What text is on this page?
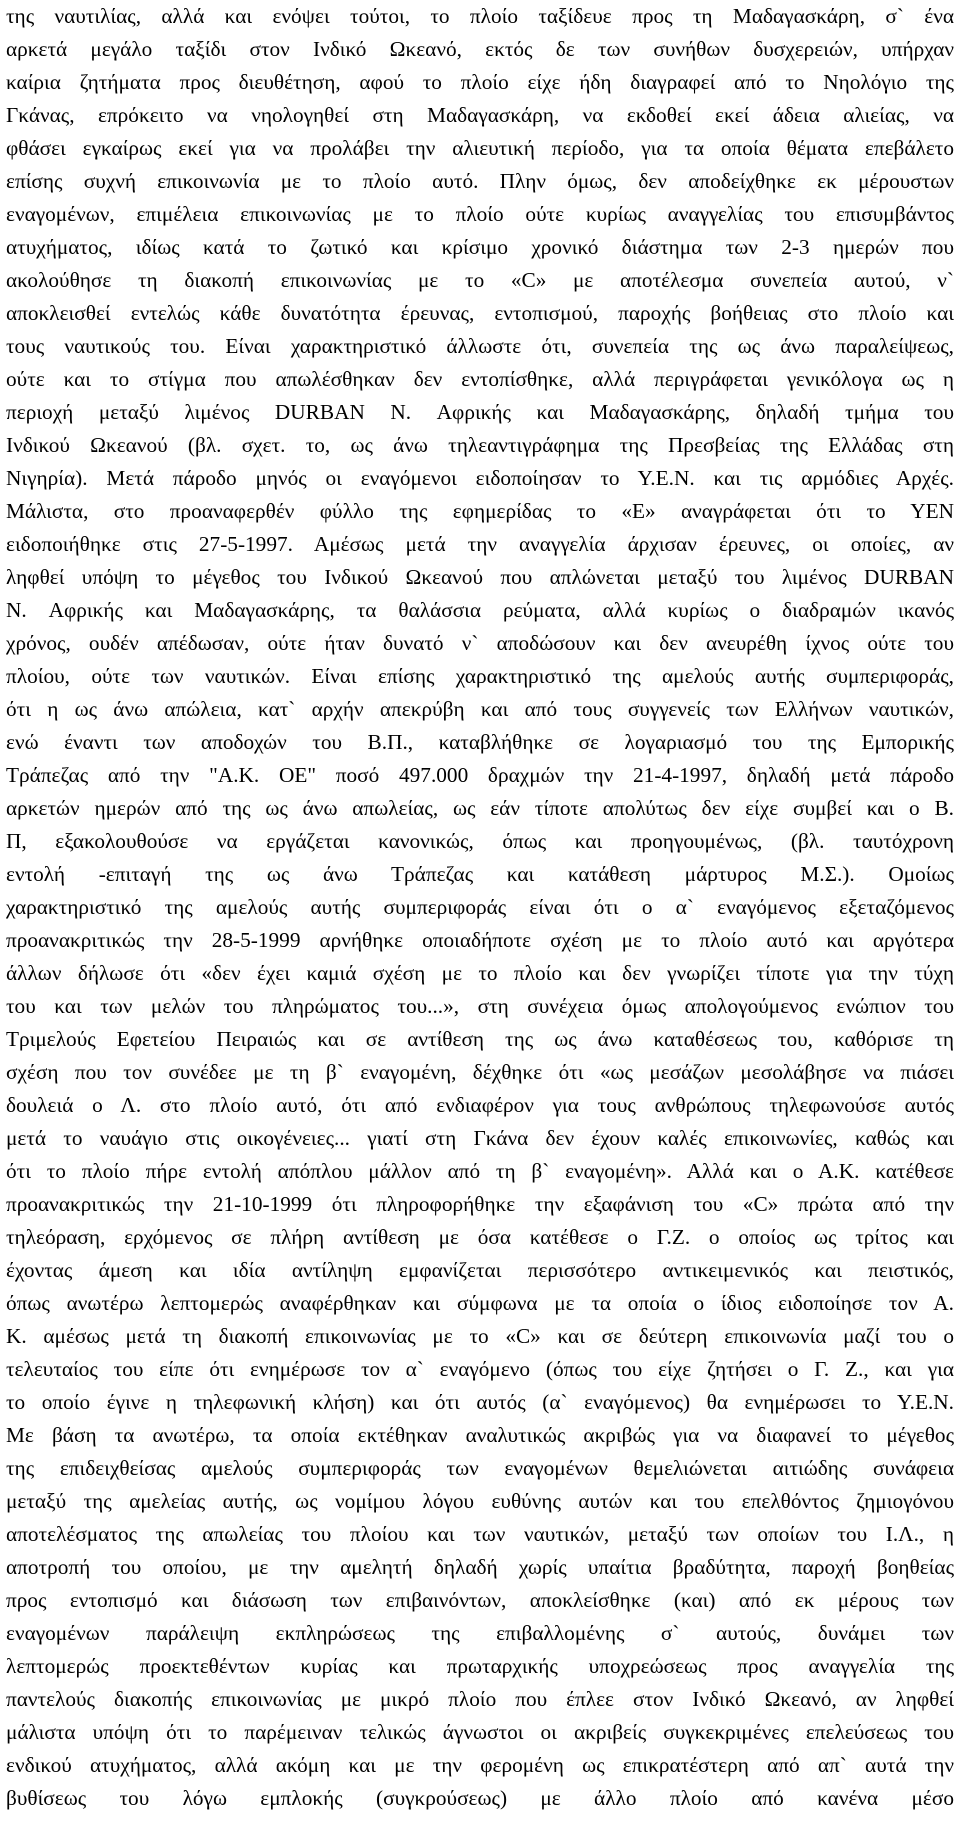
της ναυτιλίας, αλλά και ενόψει τούτοι, το πλοίο ταξίδευε προς τη Μαδαγασκάρη, σ` ένα
αρκετά μεγάλο ταξίδι στον Ινδικό Ωκεανό, εκτός δε των συνήθων δυσχερειών, υπήρχαν
καίρια ζητήματα προς διευθέτηση, αφού το πλοίο είχε ήδη διαγραφεί από το Νηολόγιο της
Γκάνας, επρόκειτο να νηολογηθεί στη Μαδαγασκάρη, να εκδοθεί εκεί άδεια αλιείας, να
φθάσει εγκαίρως εκεί για να προλάβει την αλιευτική περίοδο, για τα οποία θέματα επεβάλετο
επίσης συχνή επικοινωνία με το πλοίο αυτό. Πλην όμως, δεν αποδείχθηκε εκ μέρουστων
εναγομένων, επιμέλεια επικοινωνίας με το πλοίο ούτε κυρίως αναγγελίας του επισυμβάντος
ατυχήματος, ιδίως κατά το ζωτικό και κρίσιμο χρονικό διάστημα των 2-3 ημερών που
ακολούθησε τη διακοπή επικοινωνίας με το «C» με αποτέλεσμα συνεπεία αυτού, ν`
αποκλεισθεί εντελώς κάθε δυνατότητα έρευνας, εντοπισμού, παροχής βοήθειας στο πλοίο και
τους ναυτικούς του. Είναι χαρακτηριστικό άλλωστε ότι, συνεπεία της ως άνω παραλείψεως,
ούτε και το στίγμα που απωλέσθηκαν δεν εντοπίσθηκε, αλλά περιγράφεται γενικόλογα ως η
περιοχή μεταξύ λιμένος DURBAN N. Αφρικής και Μαδαγασκάρης, δηλαδή τμήμα του
Ινδικού Ωκεανού (βλ. σχετ. το, ως άνω τηλεαντιγράφημα της Πρεσβείας της Ελλάδας στη
Νιγηρία). Μετά πάροδο μηνός οι εναγόμενοι ειδοποίησαν το Υ.Ε.Ν. και τις αρμόδιες Αρχές.
Μάλιστα, στο προαναφερθέν φύλλο της εφημερίδας το «Ε» αναγράφεται ότι το ΥΕΝ
ειδοποιήθηκε στις 27-5-1997. Αμέσως μετά την αναγγελία άρχισαν έρευνες, οι οποίες, αν
ληφθεί υπόψη το μέγεθος του Ινδικού Ωκεανού που απλώνεται μεταξύ του λιμένος DURBAN
N. Αφρικής και Μαδαγασκάρης, τα θαλάσσια ρεύματα, αλλά κυρίως ο διαδραμών ικανός
χρόνος, ουδέν απέδωσαν, ούτε ήταν δυνατό ν` αποδώσουν και δεν ανευρέθη ίχνος ούτε του
πλοίου, ούτε των ναυτικών. Είναι επίσης χαρακτηριστικό της αμελούς αυτής συμπεριφοράς,
ότι η ως άνω απώλεια, κατ` αρχήν απεκρύβη και από τους συγγενείς των Ελλήνων ναυτικών,
ενώ έναντι των αποδοχών του Β.Π., καταβλήθηκε σε λογαριασμό του της Εμπορικής
Τράπεζας από την "Α.Κ. ΟΕ" ποσό 497.000 δραχμών την 21-4-1997, δηλαδή μετά πάροδο
αρκετών ημερών από της ως άνω απωλείας, ως εάν τίποτε απολύτως δεν είχε συμβεί και ο Β.
Π, εξακολουθούσε να εργάζεται κανονικώς, όπως και προηγουμένως, (βλ. ταυτόχρονη
εντολή -επιταγή της ως άνω Τράπεζας και κατάθεση μάρτυρος Μ.Σ.). Ομοίως
χαρακτηριστικό της αμελούς αυτής συμπεριφοράς είναι ότι ο α` εναγόμενος εξεταζόμενος
προανακριτικώς την 28-5-1999 αρνήθηκε οποιαδήποτε σχέση με το πλοίο αυτό και αργότερα
άλλων δήλωσε ότι «δεν έχει καμιά σχέση με το πλοίο και δεν γνωρίζει τίποτε για την τύχη
του και των μελών του πληρώματος του...», στη συνέχεια όμως απολογούμενος ενώπιον του
Τριμελούς Εφετείου Πειραιώς και σε αντίθεση της ως άνω καταθέσεως του, καθόρισε τη
σχέση που τον συνέδεε με τη β` εναγομένη, δέχθηκε ότι «ως μεσάζων μεσολάβησε να πιάσει
δουλειά ο Λ. στο πλοίο αυτό, ότι από ενδιαφέρον για τους ανθρώπους τηλεφωνούσε αυτός
μετά το ναυάγιο στις οικογένειες... γιατί στη Γκάνα δεν έχουν καλές επικοινωνίες, καθώς και
ότι το πλοίο πήρε εντολή απόπλου μάλλον από τη β` εναγομένη». Αλλά και ο Α.Κ. κατέθεσε
προανακριτικώς την 21-10-1999 ότι πληροφορήθηκε την εξαφάνιση του «C» πρώτα από την
τηλεόραση, ερχόμενος σε πλήρη αντίθεση με όσα κατέθεσε ο Γ.Ζ. ο οποίος ως τρίτος και
έχοντας άμεση και ιδία αντίληψη εμφανίζεται περισσότερο αντικειμενικός και πειστικός,
όπως ανωτέρω λεπτομερώς αναφέρθηκαν και σύμφωνα με τα οποία ο ίδιος ειδοποίησε τον Α.
Κ. αμέσως μετά τη διακοπή επικοινωνίας με το «C» και σε δεύτερη επικοινωνία μαζί του ο
τελευταίος του είπε ότι ενημέρωσε τον α` εναγόμενο (όπως του είχε ζητήσει ο Γ. Ζ., και για
το οποίο έγινε η τηλεφωνική κλήση) και ότι αυτός (α` εναγόμενος) θα ενημέρωσει το Υ.Ε.Ν.
Με βάση τα ανωτέρω, τα οποία εκτέθηκαν αναλυτικώς ακριβώς για να διαφανεί το μέγεθος
της επιδειχθείσας αμελούς συμπεριφοράς των εναγομένων θεμελιώνεται αιτιώδης συνάφεια
μεταξύ της αμελείας αυτής, ως νομίμου λόγου ευθύνης αυτών και του επελθόντος ζημιογόνου
αποτελέσματος της απωλείας του πλοίου και των ναυτικών, μεταξύ των οποίων του Ι.Λ., η
αποτροπή του οποίου, με την αμελητή δηλαδή χωρίς υπαίτια βραδύτητα, παροχή βοηθείας
προς εντοπισμό και διάσωση των επιβαινόντων, αποκλείσθηκε (και) από εκ μέρους των
εναγομένων παράλειψη εκπληρώσεως της επιβαλλομένης σ` αυτούς, δυνάμει των
λεπτομερώς προεκτεθέντων κυρίας και πρωταρχικής υποχρεώσεως προς αναγγελία της
παντελούς διακοπής επικοινωνίας με μικρό πλοίο που έπλεε στον Ινδικό Ωκεανό, αν ληφθεί
μάλιστα υπόψη ότι το παρέμειναν τελικώς άγνωστοι οι ακριβείς συγκεκριμένες επελεύσεως του
ενδικού ατυχήματος, αλλά ακόμη και με την φερομένη ως επικρατέστερη από απ` αυτά την
βυθίσεως του λόγω εμπλοκής (συγκρούσεως) με άλλο πλοίο από κανένα μέσο
